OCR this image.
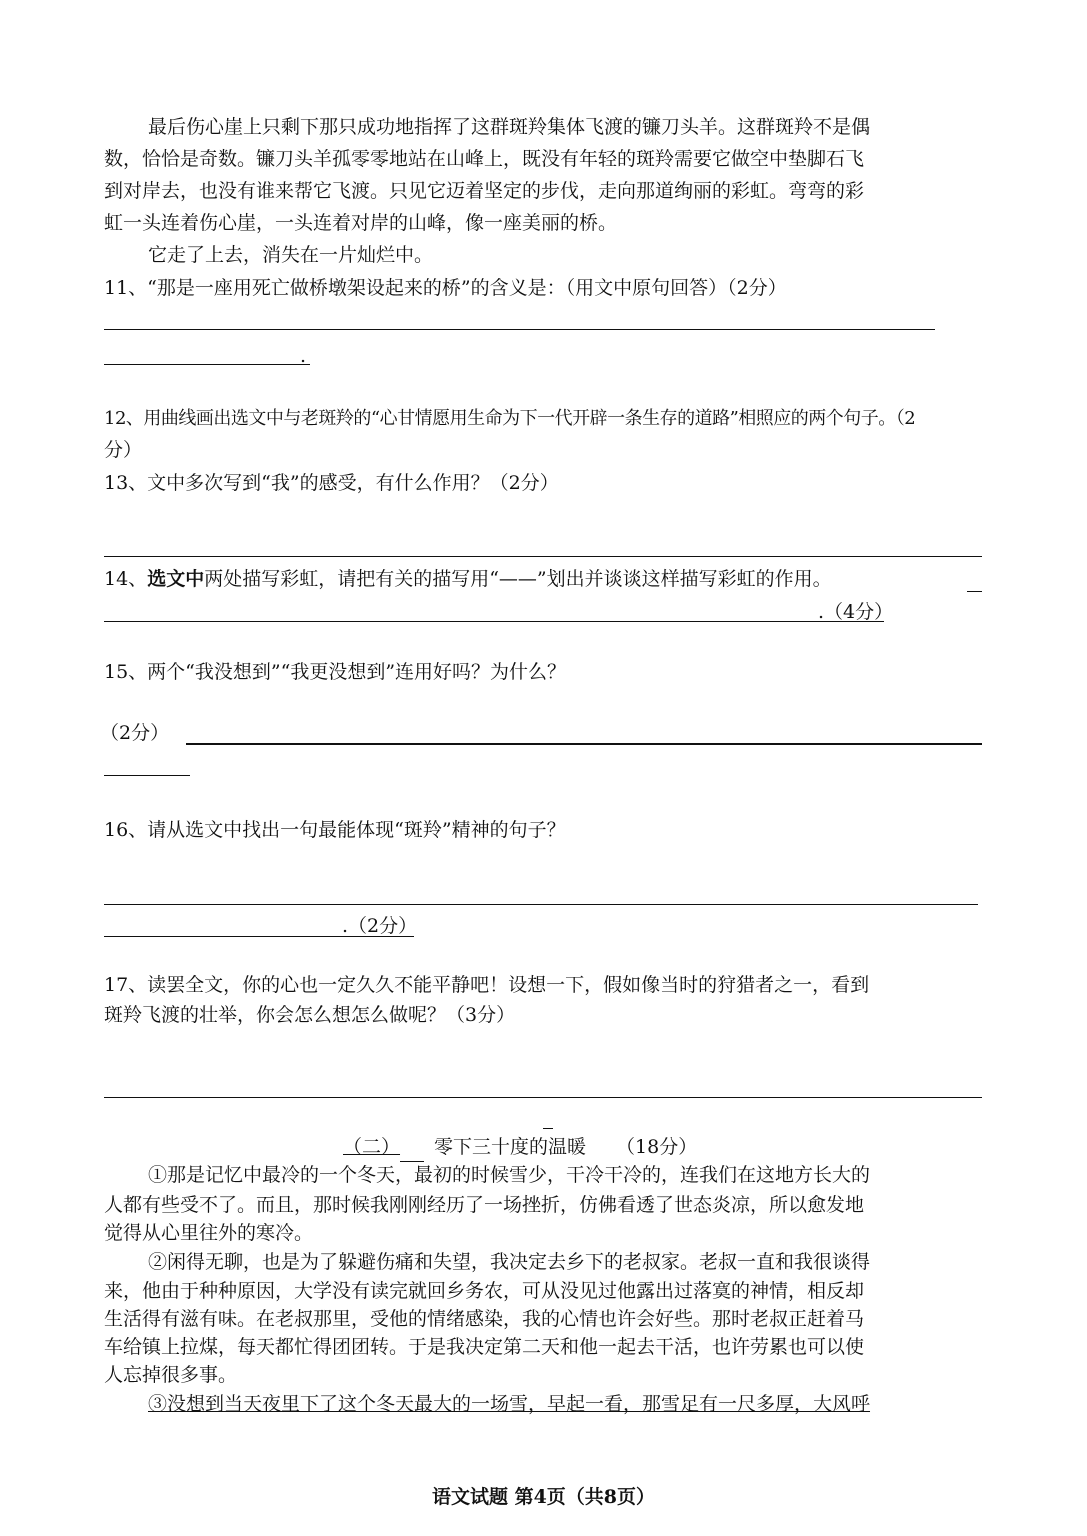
最后伤心崖上只剩下那只成功地指挥了这群斑羚集体飞渡的镰刀头羊。这群斑羚不是偶
数，恰恰是奇数。镰刀头羊孤零零地站在山峰上，既没有年轻的斑羚需要它做空中垫脚石飞
到对岸去，也没有谁来帮它飞渡。只见它迈着坚定的步伐，走向那道绚丽的彩虹。弯弯的彩
虹一头连着伤心崖，一头连着对岸的山峰，像一座美丽的桥。
它走了上去，消失在一片灿烂中。
11、“那是一座用死亡做桥墩架设起来的桥”的含义是：（用文中原句回答）（2分）
.
12、用曲线画出选文中与老斑羚的“心甘情愿用生命为下一代开辟一条生存的道路”相照应的两个句子。（2
分）
13、文中多次写到“我”的感受，有什么作用？（2分）
14、选文中两处描写彩虹，请把有关的描写用“——”划出并谈谈这样描写彩虹的作用。
.（4分）
15、两个“我没想到”“我更没想到”连用好吗？为什么？
（2分）
16、请从选文中找出一句最能体现“斑羚”精神的句子？
.（2分）
17、读罢全文，你的心也一定久久不能平静吧！设想一下，假如像当时的狩猎者之一，看到
斑羚飞渡的壮举，你会怎么想怎么做呢？（3分）
（二） 零下三十度的温暖 （18分）
①那是记忆中最冷的一个冬天，最初的时候雪少，干冷干冷的，连我们在这地方长大的
人都有些受不了。而且，那时候我刚刚经历了一场挫折，仿佛看透了世态炎凉，所以愈发地
觉得从心里往外的寒冷。
②闲得无聊，也是为了躲避伤痛和失望，我决定去乡下的老叔家。老叔一直和我很谈得
来，他由于种种原因，大学没有读完就回乡务农，可从没见过他露出过落寞的神情，相反却
生活得有滋有味。在老叔那里，受他的情绪感染，我的心情也许会好些。那时老叔正赶着马
车给镇上拉煤，每天都忙得团团转。于是我决定第二天和他一起去干活，也许劳累也可以使
人忘掉很多事。
③没想到当天夜里下了这个冬天最大的一场雪，早起一看，那雪足有一尺多厚，大风呼
语文试题 第4页（共8页）
